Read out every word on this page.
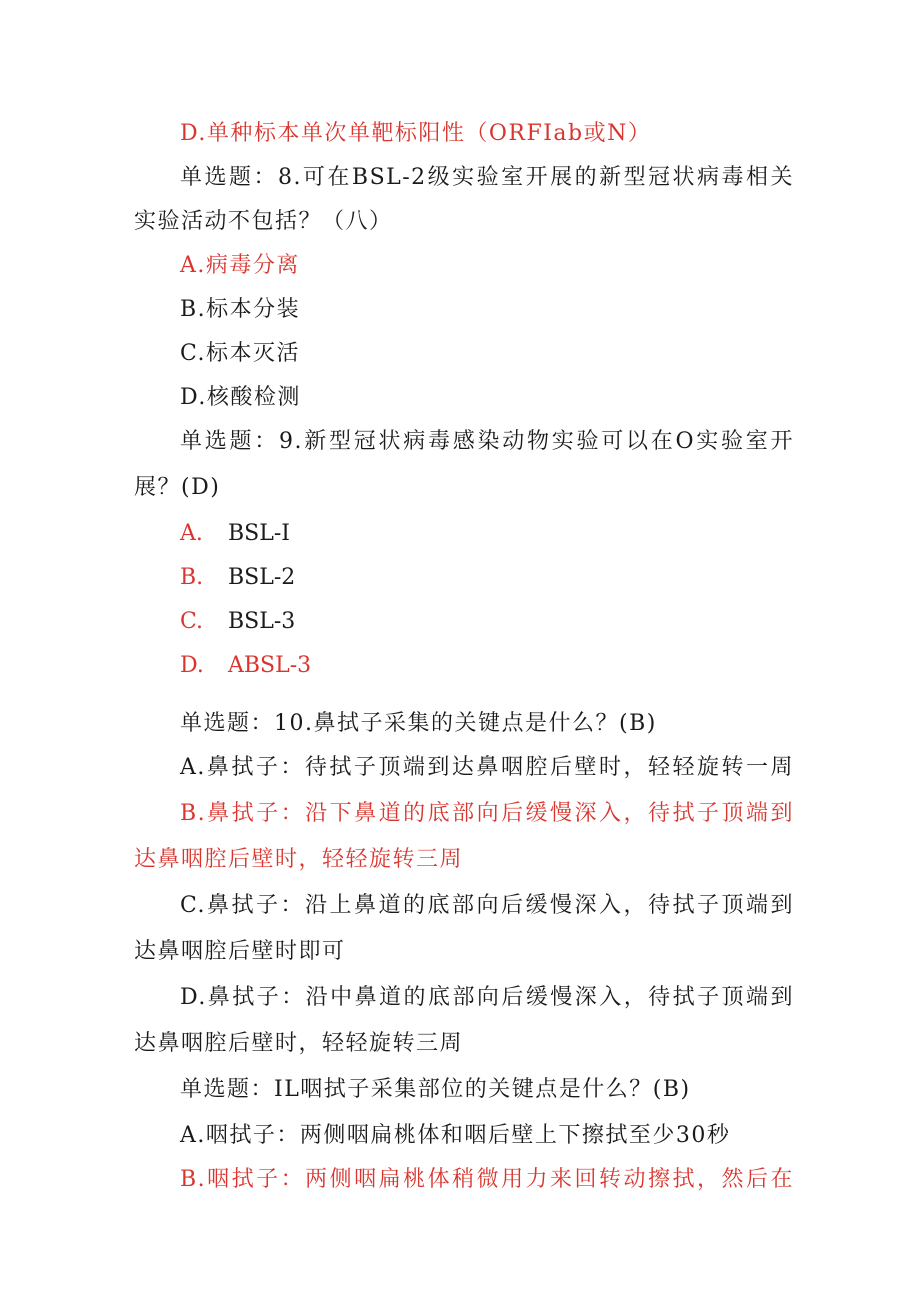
D.单种标本单次单靶标阳性（ORFIab或N）
单选题：8.可在BSL-2级实验室开展的新型冠状病毒相关
实验活动不包括？（八）
A.病毒分离
B.标本分装
C.标本灭活
D.核酸检测
单选题：9.新型冠状病毒感染动物实验可以在O实验室开
展？(D)
A. BSL-I
B. BSL-2
C. BSL-3
D. ABSL-3
单选题：10.鼻拭子采集的关键点是什么？(B)
A.鼻拭子：待拭子顶端到达鼻咽腔后壁时，轻轻旋转一周
B.鼻拭子：沿下鼻道的底部向后缓慢深入，待拭子顶端到
达鼻咽腔后壁时，轻轻旋转三周
C.鼻拭子：沿上鼻道的底部向后缓慢深入，待拭子顶端到
达鼻咽腔后壁时即可
D.鼻拭子：沿中鼻道的底部向后缓慢深入，待拭子顶端到
达鼻咽腔后壁时，轻轻旋转三周
单选题：IL咽拭子采集部位的关键点是什么？(B)
A.咽拭子：两侧咽扁桃体和咽后壁上下擦拭至少30秒
B.咽拭子：两侧咽扁桃体稍微用力来回转动擦拭，然后在
